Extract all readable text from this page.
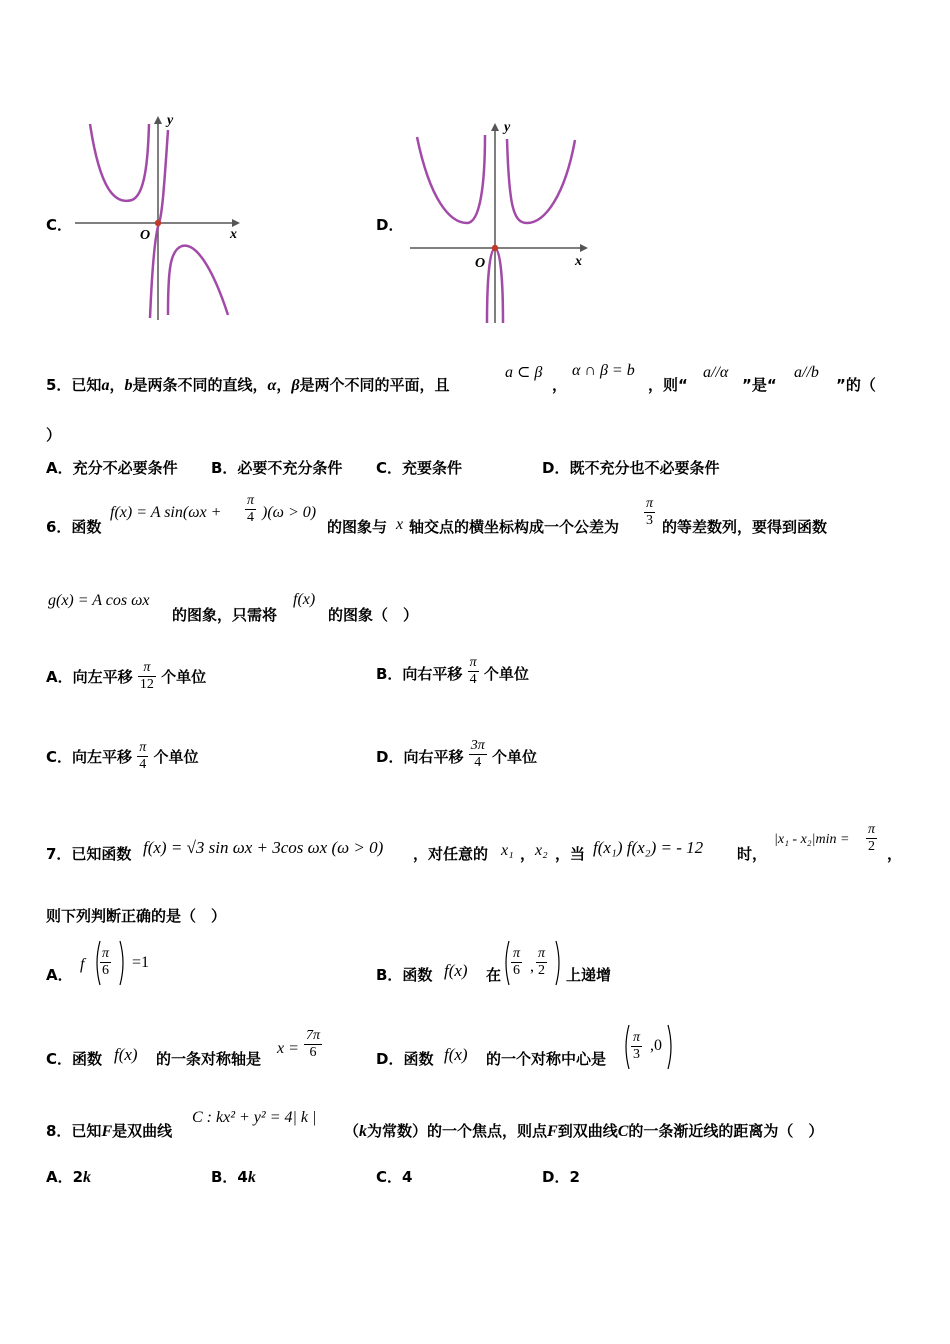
C．
y
x
O
D．
y
x
O
5．已知a，b是两条不同的直线，α，β是两个不同的平面，且
a ⊂ β
，
α ∩ β = b
，则“
a//α
”是“
a//b
”的（
）
A．充分不必要条件 B．必要不充分条件 C．充要条件	D．既不充分也不必要条件
6．函数
f(x) = A $\sin(\omega x + \frac{\pi}{4} )(\omega > 0)$
的图象与 x 轴交点的横坐标构成一个公差为 $\frac{\pi}{3}$ 的等差数列，要得到函数
g(x) = A cos ωx
的图象，只需将
f(x)
的图象（　）
A．向左平移 $\frac{\pi}{12}$ 个单位	B．向右平移 $\frac{\pi}{4}$ 个单位
C．向左平移 $\frac{\pi}{4}$ 个单位	D．向右平移 $\frac{3\pi}{4}$ 个单位
7．已知函数 f(x) = √3 sin ωx + 3cos ωx (ω > 0) ，对任意的 x₁ ， x₂ ，当 f(x₁) f(x₂) = - 12 时，
$|x_1 - x_2|\min = \frac{\pi}{2}$ ，
则下列判断正确的是（　）
A．
f $\frac{\pi}{6} =1$
B．函数 f(x) 在 $\frac{\pi}{6}$ , $\frac{\pi}{2}$ 上递增
C．函数 f(x) 的一条对称轴是
$x = \frac{7\pi}{6}$	D．函数 f(x) 的一个对称中心是 $\frac{\pi}{3} ,0$
8．已知F是双曲线
C : kx² + y² = 4| k |
（k为常数）的一个焦点，则点F到双曲线C的一条渐近线的距离为（　）
A．2k	B．4k	C．4	D．2
